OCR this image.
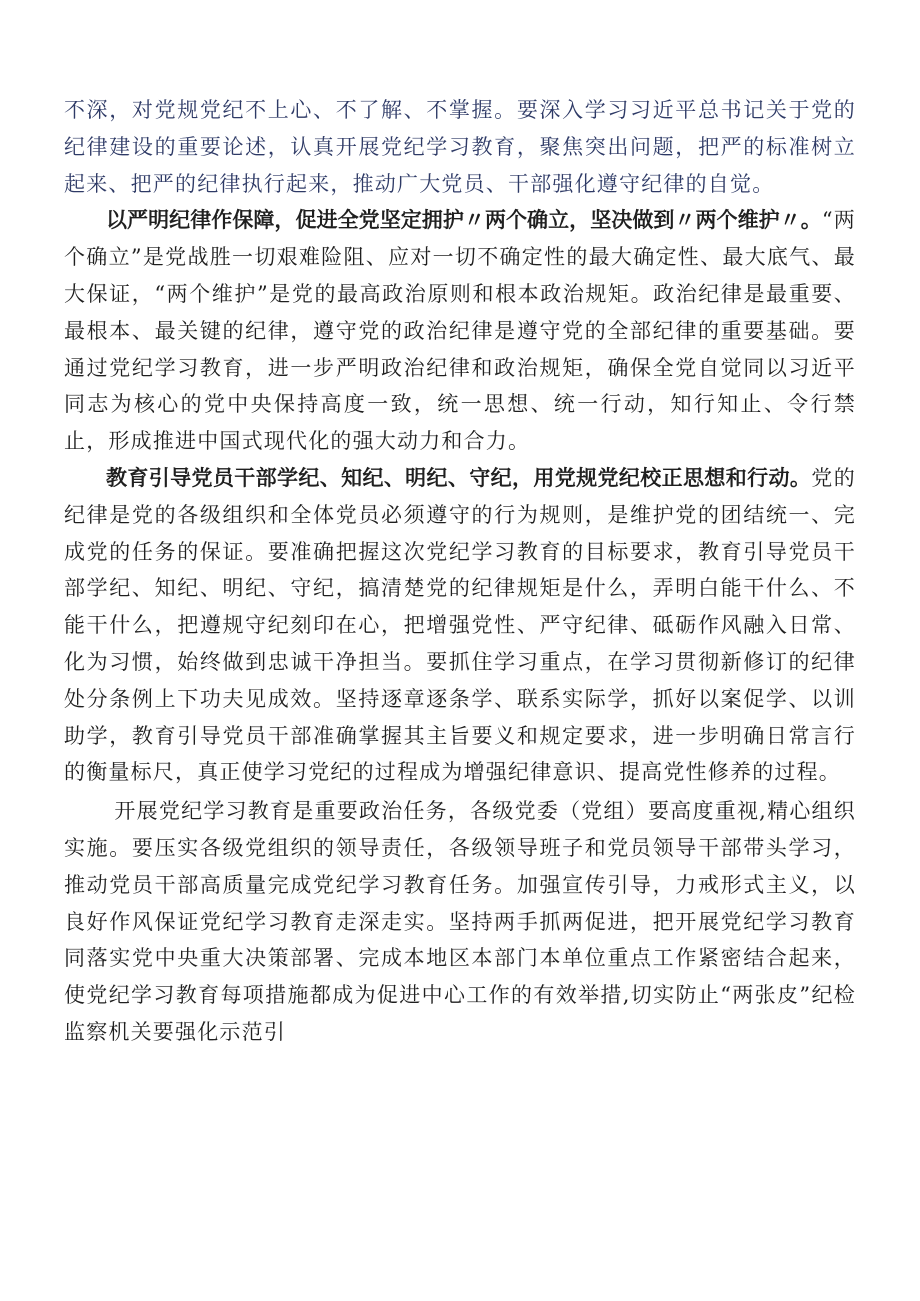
不深，对党规党纪不上心、不了解、不掌握。要深入学习习近平总书记关于党的纪律建设的重要论述，认真开展党纪学习教育，聚焦突出问题，把严的标准树立起来、把严的纪律执行起来，推动广大党员、干部强化遵守纪律的自觉。

以严明纪律作保障，促进全党坚定拥护〃两个确立，坚决做到〃两个维护〃。“两个确立”是党战胜一切艰难险阻、应对一切不确定性的最大确定性、最大底气、最大保证，“两个维护”是党的最高政治原则和根本政治规矩。政治纪律是最重要、最根本、最关键的纪律，遵守党的政治纪律是遵守党的全部纪律的重要基础。要通过党纪学习教育，进一步严明政治纪律和政治规矩，确保全党自觉同以习近平同志为核心的党中央保持高度一致，统一思想、统一行动，知行知止、令行禁止，形成推进中国式现代化的强大动力和合力。

教育引导党员干部学纪、知纪、明纪、守纪，用党规党纪校正思想和行动。党的纪律是党的各级组织和全体党员必须遵守的行为规则，是维护党的团结统一、完成党的任务的保证。要准确把握这次党纪学习教育的目标要求，教育引导党员干部学纪、知纪、明纪、守纪，搞清楚党的纪律规矩是什么，弄明白能干什么、不能干什么，把遵规守纪刻印在心，把增强党性、严守纪律、砥砺作风融入日常、化为习惯，始终做到忠诚干净担当。要抓住学习重点，在学习贯彻新修订的纪律处分条例上下功夫见成效。坚持逐章逐条学、联系实际学，抓好以案促学、以训助学，教育引导党员干部准确掌握其主旨要义和规定要求，进一步明确日常言行的衡量标尺，真正使学习党纪的过程成为增强纪律意识、提高党性修养的过程。

开展党纪学习教育是重要政治任务，各级党委（党组）要高度重视,精心组织实施。要压实各级党组织的领导责任，各级领导班子和党员领导干部带头学习，推动党员干部高质量完成党纪学习教育任务。加强宣传引导，力戒形式主义，以良好作风保证党纪学习教育走深走实。坚持两手抓两促进，把开展党纪学习教育同落实党中央重大决策部署、完成本地区本部门本单位重点工作紧密结合起来，使党纪学习教育每项措施都成为促进中心工作的有效举措,切实防止“两张皮”纪检监察机关要强化示范引
